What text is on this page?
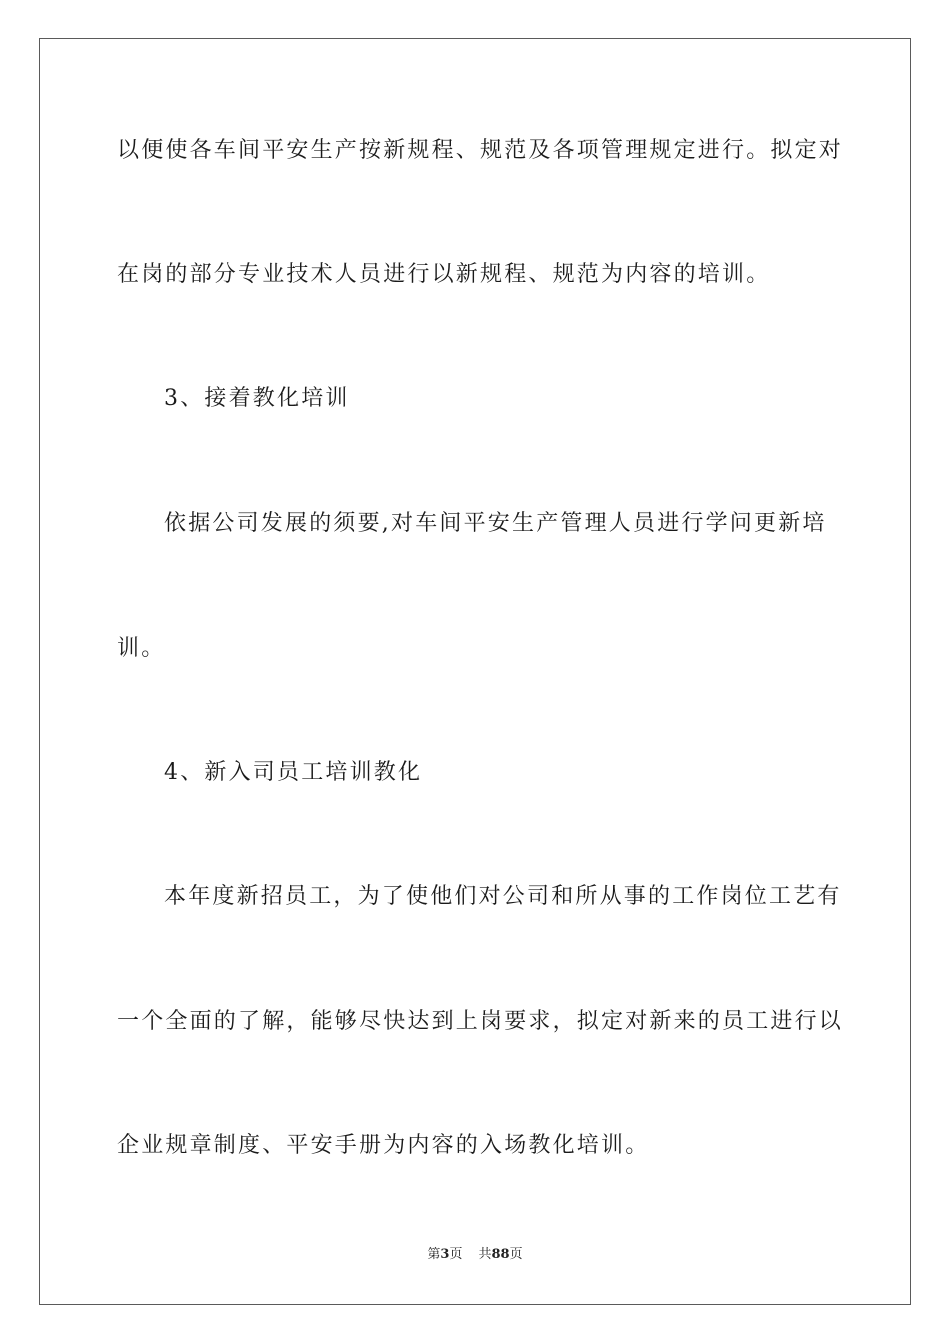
以便使各车间平安生产按新规程、规范及各项管理规定进行。拟定对
在岗的部分专业技术人员进行以新规程、规范为内容的培训。
3、接着教化培训
依据公司发展的须要,对车间平安生产管理人员进行学问更新培
训。
4、新入司员工培训教化
本年度新招员工，为了使他们对公司和所从事的工作岗位工艺有
一个全面的了解，能够尽快达到上岗要求，拟定对新来的员工进行以
企业规章制度、平安手册为内容的入场教化培训。
第3页 共88页
